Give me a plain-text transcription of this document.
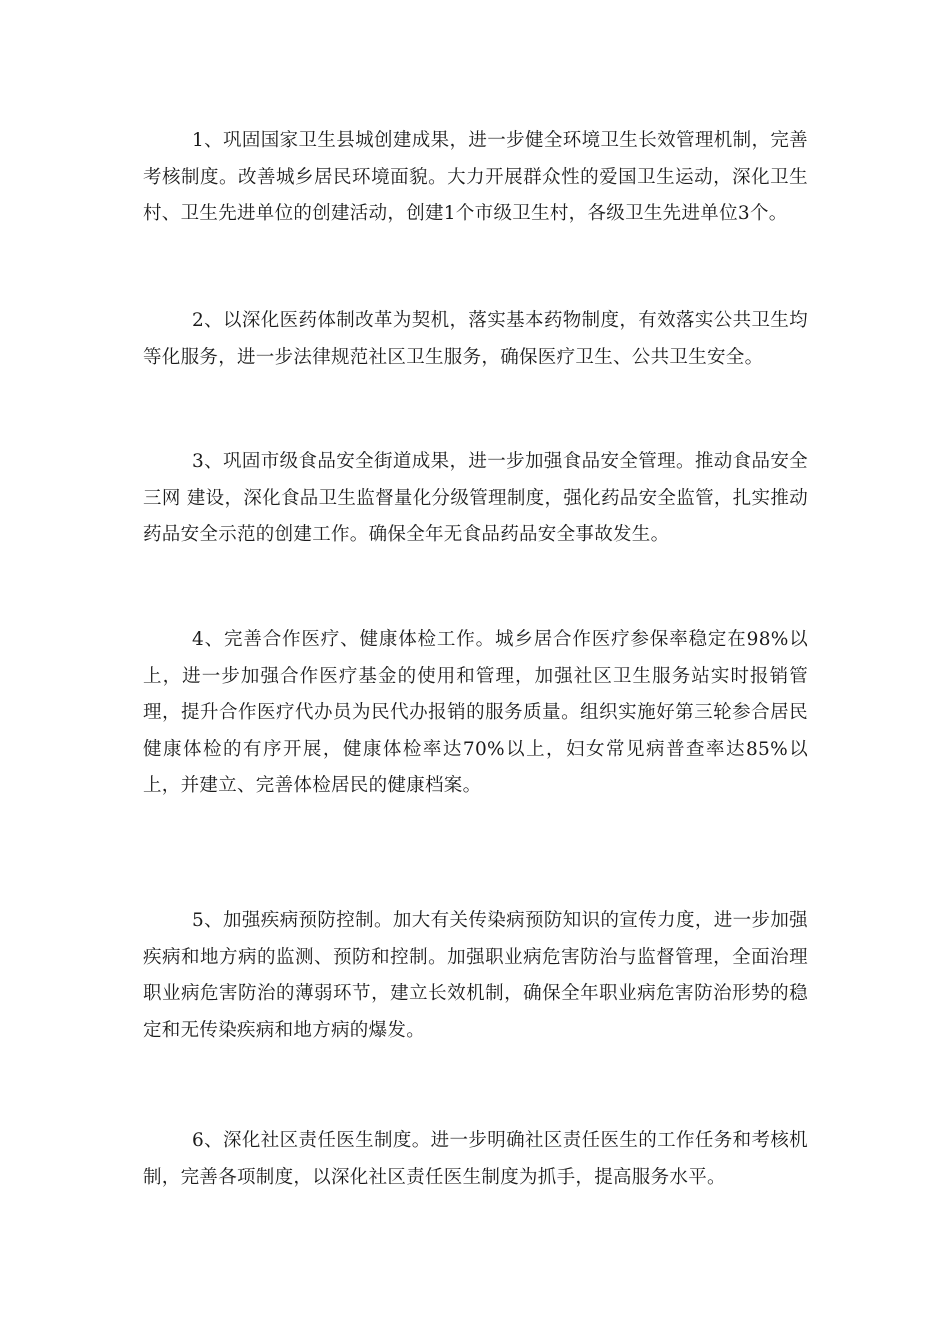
1、巩固国家卫生县城创建成果，进一步健全环境卫生长效管理机制，完善考核制度。改善城乡居民环境面貌。大力开展群众性的爱国卫生运动，深化卫生村、卫生先进单位的创建活动，创建1个市级卫生村，各级卫生先进单位3个。

2、以深化医药体制改革为契机，落实基本药物制度，有效落实公共卫生均等化服务，进一步法律规范社区卫生服务，确保医疗卫生、公共卫生安全。

3、巩固市级食品安全街道成果，进一步加强食品安全管理。推动食品安全三网 建设，深化食品卫生监督量化分级管理制度，强化药品安全监管，扎实推动药品安全示范的创建工作。确保全年无食品药品安全事故发生。

4、完善合作医疗、健康体检工作。城乡居合作医疗参保率稳定在98%以上，进一步加强合作医疗基金的使用和管理，加强社区卫生服务站实时报销管理，提升合作医疗代办员为民代办报销的服务质量。组织实施好第三轮参合居民健康体检的有序开展，健康体检率达70%以上，妇女常见病普查率达85%以上，并建立、完善体检居民的健康档案。

5、加强疾病预防控制。加大有关传染病预防知识的宣传力度，进一步加强疾病和地方病的监测、预防和控制。加强职业病危害防治与监督管理，全面治理职业病危害防治的薄弱环节，建立长效机制，确保全年职业病危害防治形势的稳定和无传染疾病和地方病的爆发。

6、深化社区责任医生制度。进一步明确社区责任医生的工作任务和考核机制，完善各项制度，以深化社区责任医生制度为抓手，提高服务水平。
